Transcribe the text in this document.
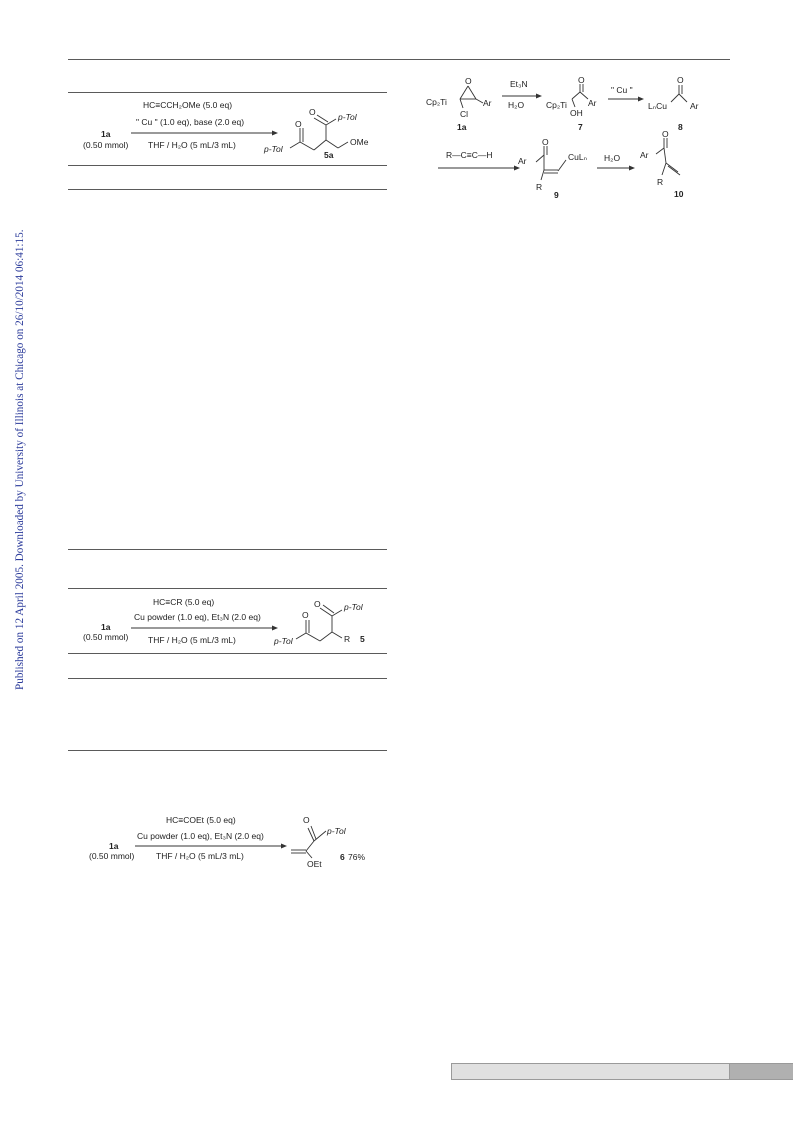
Published on 12 April 2005. Downloaded by University of Illinois at Chicago on 26/10/2014 06:41:15.
HC≡CCH₂OMe (5.0 eq)
" Cu " (1.0 eq), base (2.0 eq)
THF / H₂O (5 mL/3 mL)
1a
(0.50 mmol)
O
O
p-Tol
p-Tol
OMe
5a
HC≡CR (5.0 eq)
Cu powder (1.0 eq), Et₃N (2.0 eq)
THF / H₂O (5 mL/3 mL)
1a
(0.50 mmol)
O
O
p-Tol
p-Tol	R 5
HC≡COEt (5.0 eq)
Cu powder (1.0 eq), Et₃N (2.0 eq)
THF / H₂O (5 mL/3 mL)
1a
(0.50 mmol)
O
p-Tol
OEt
6 76%
O
Cp₂Ti	Ar
Cl
1a
Et₃N
H₂O
O
Cp₂Ti Ar
OH
7
" Cu "
O
LₙCu	Ar
8
R—C≡C—H
O
Ar	CuLₙ
R
9
H₂O
O
Ar
R
10
